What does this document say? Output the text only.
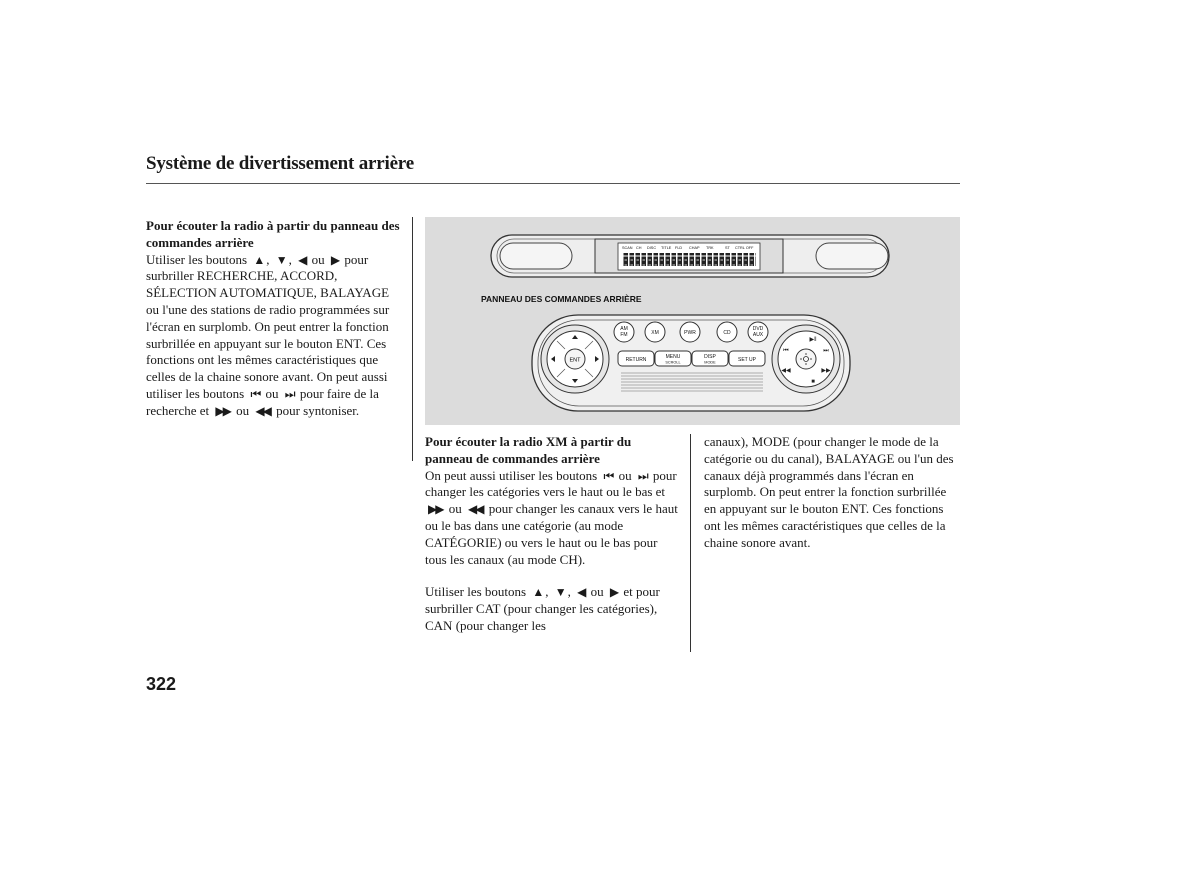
Système de divertissement arrière

Pour écouter la radio à partir du panneau des commandes arrière

Utiliser les boutons ▲ , ▼ , ◀ ou ▶ pour surbriller RECHERCHE, ACCORD, SÉLECTION AUTOMATIQUE, BALAYAGE ou l'une des stations de radio programmées sur l'écran en surplomb. On peut entrer la fonction surbrillée en appuyant sur le bouton ENT. Ces fonctions ont les mêmes caractéristiques que celles de la chaine sonore avant. On peut aussi utiliser les boutons ⏮ ou ⏭ pour faire de la recherche et ▶▶ ou ◀◀ pour syntoniser.

SCAN CH DISC TITLE FLD CHAP TRK	ST CTRL OFF
ENT
AM
FM	XM	PWR	CD
DVD
AUX
RETURN	MENU
SCROLL
DISP
MODE	SET UP
▶‖
■
⏮	⏭
◀◀	▶▶
PANNEAU DES COMMANDES ARRIÈRE

Pour écouter la radio XM à partir du panneau de commandes arrière

On peut aussi utiliser les boutons ⏮ ou ⏭ pour changer les catégories vers le haut ou le bas et ▶▶ ou ◀◀ pour changer les canaux vers le haut ou le bas dans une catégorie (au mode CATÉGORIE) ou vers le haut ou le bas pour tous les canaux (au mode CH).

Utiliser les boutons ▲ , ▼ , ◀ ou ▶ et pour surbriller CAT (pour changer les catégories), CAN (pour changer les

canaux), MODE (pour changer le mode de la catégorie ou du canal), BALAYAGE ou l'un des canaux déjà programmés dans l'écran en surplomb. On peut entrer la fonction surbrillée en appuyant sur le bouton ENT. Ces fonctions ont les mêmes caractéristiques que celles de la chaine sonore avant.

322
